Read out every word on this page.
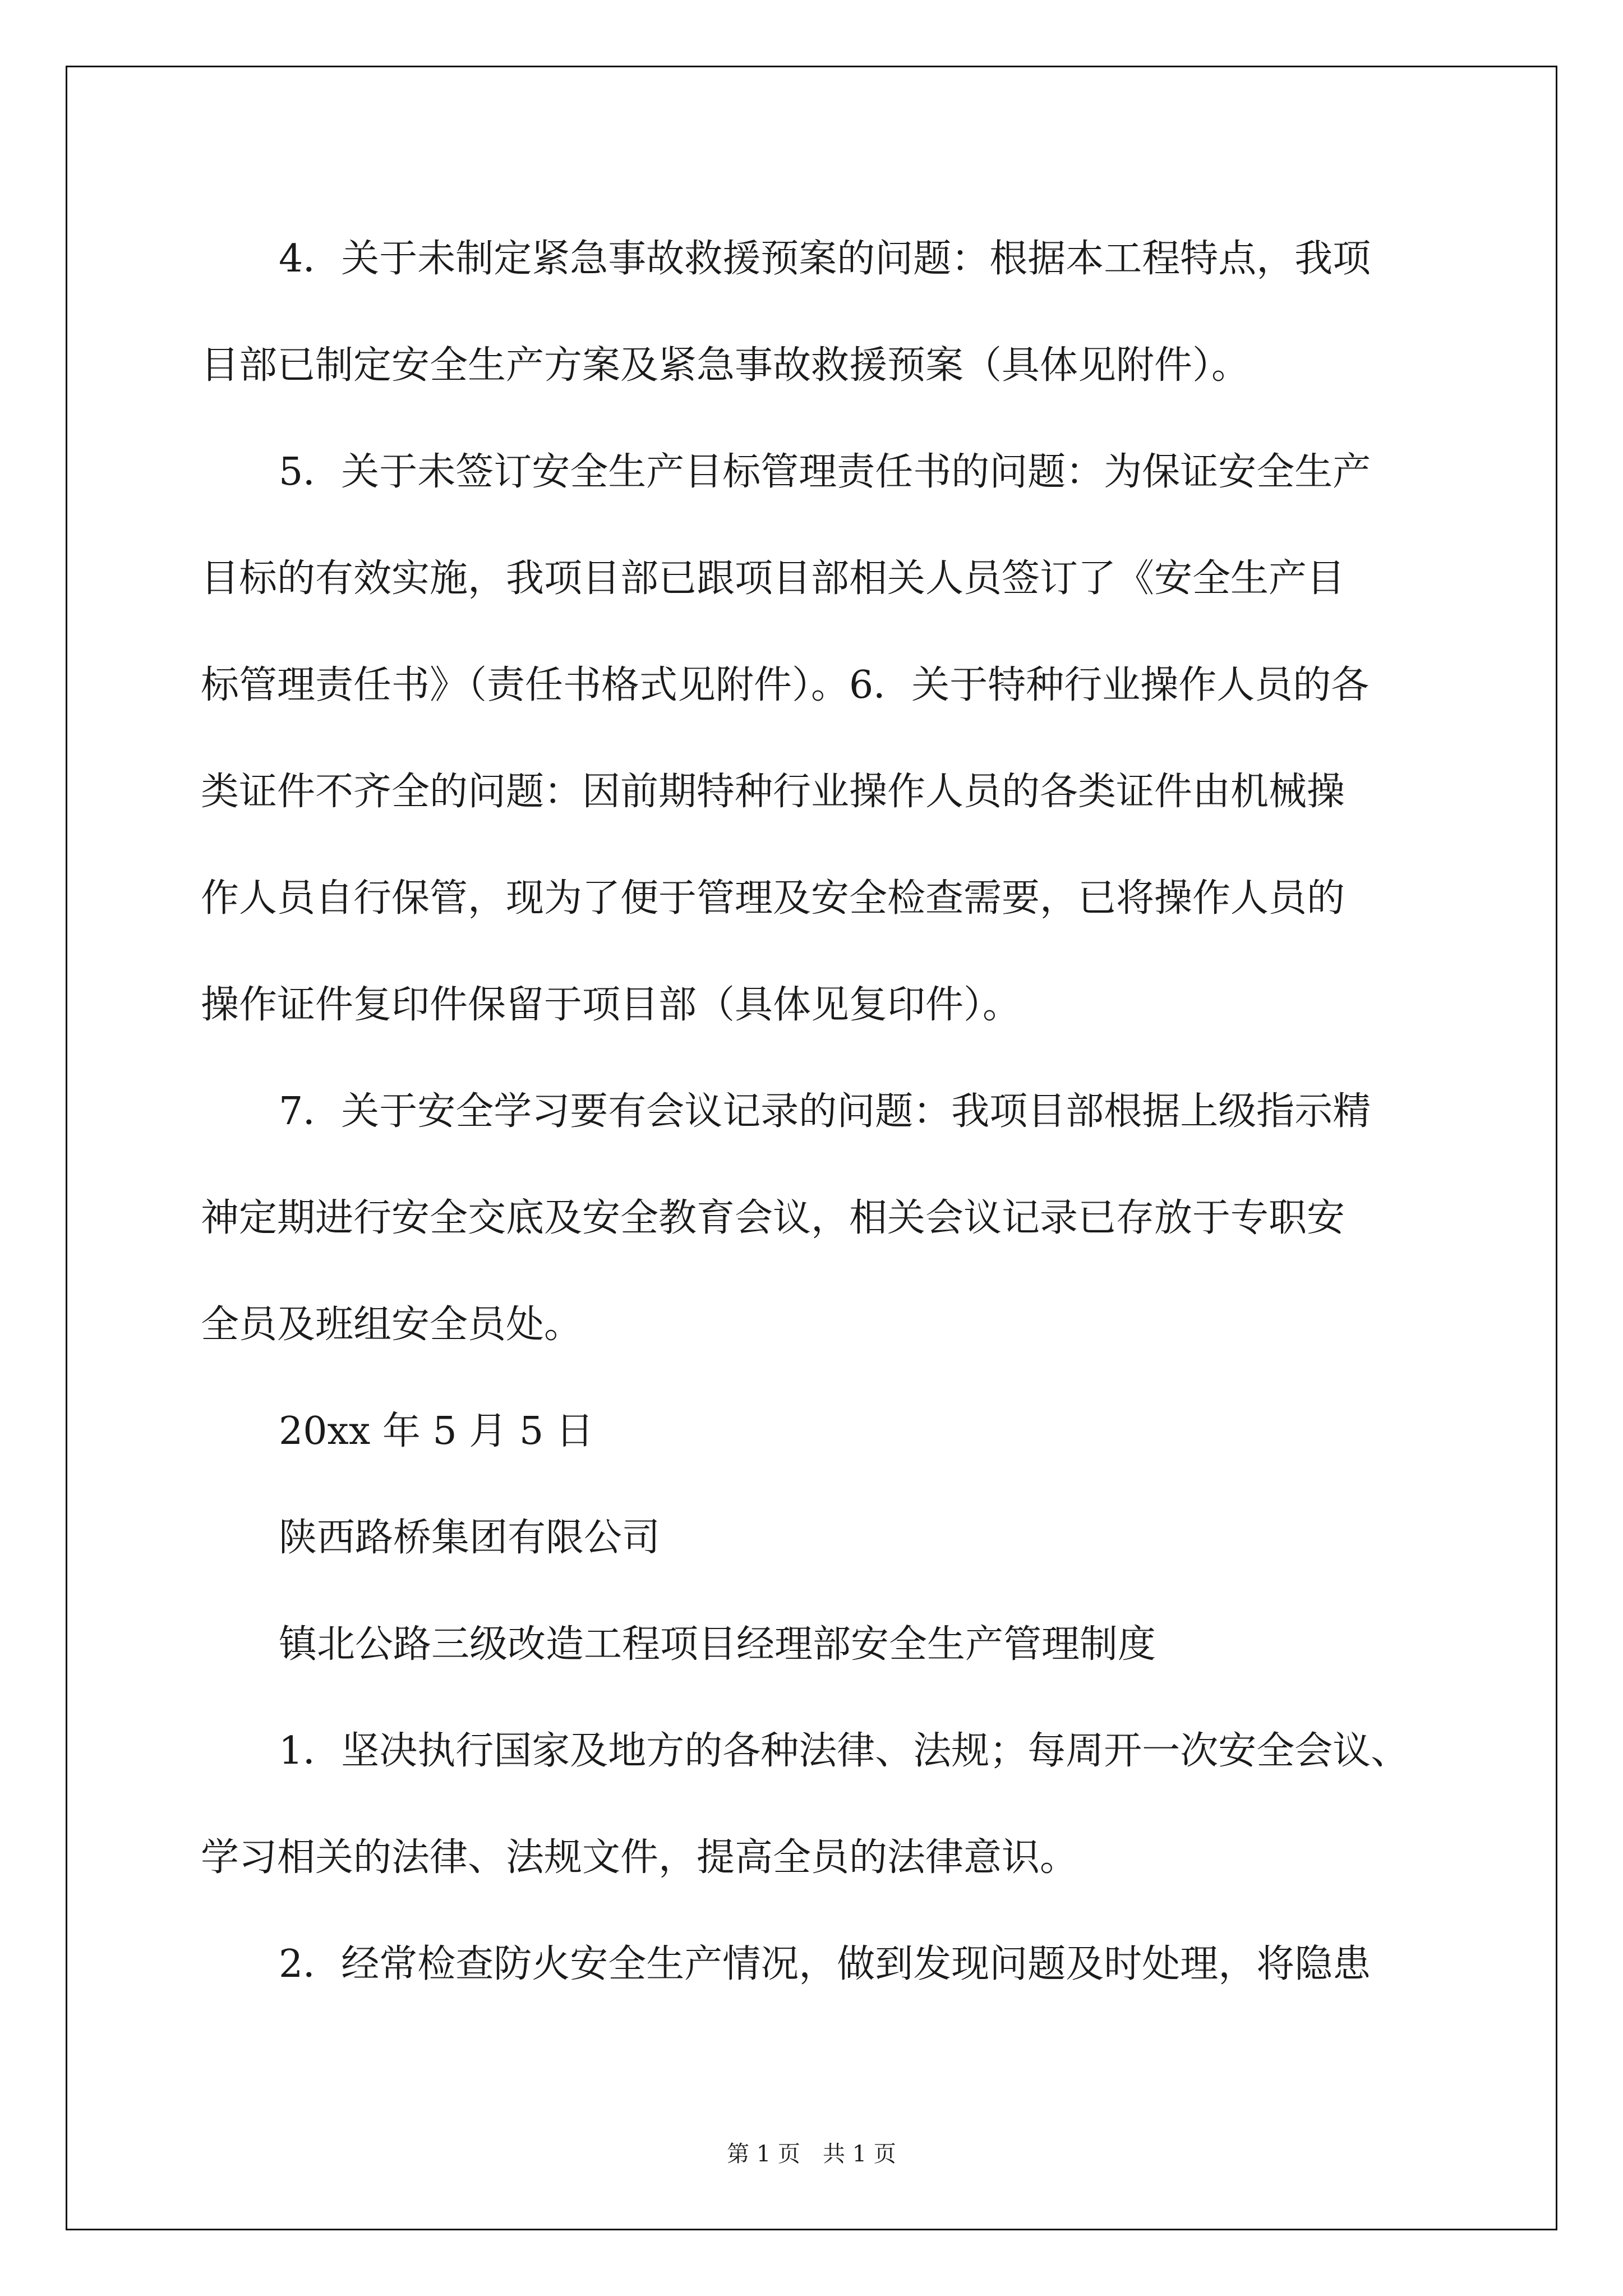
4．关于未制定紧急事故救援预案的问题：根据本工程特点，我项
目部已制定安全生产方案及紧急事故救援预案（具体见附件）。
5．关于未签订安全生产目标管理责任书的问题：为保证安全生产
目标的有效实施，我项目部已跟项目部相关人员签订了《安全生产目
标管理责任书》（责任书格式见附件）。6．关于特种行业操作人员的各
类证件不齐全的问题：因前期特种行业操作人员的各类证件由机械操
作人员自行保管，现为了便于管理及安全检查需要，已将操作人员的
操作证件复印件保留于项目部（具体见复印件）。
7．关于安全学习要有会议记录的问题：我项目部根据上级指示精
神定期进行安全交底及安全教育会议，相关会议记录已存放于专职安
全员及班组安全员处。
20xx 年 5 月 5 日
陕西路桥集团有限公司
镇北公路三级改造工程项目经理部安全生产管理制度
1．坚决执行国家及地方的各种法律、法规；每周开一次安全会议、
学习相关的法律、法规文件，提高全员的法律意识。
2．经常检查防火安全生产情况，做到发现问题及时处理，将隐患
第 1 页　共 1 页
